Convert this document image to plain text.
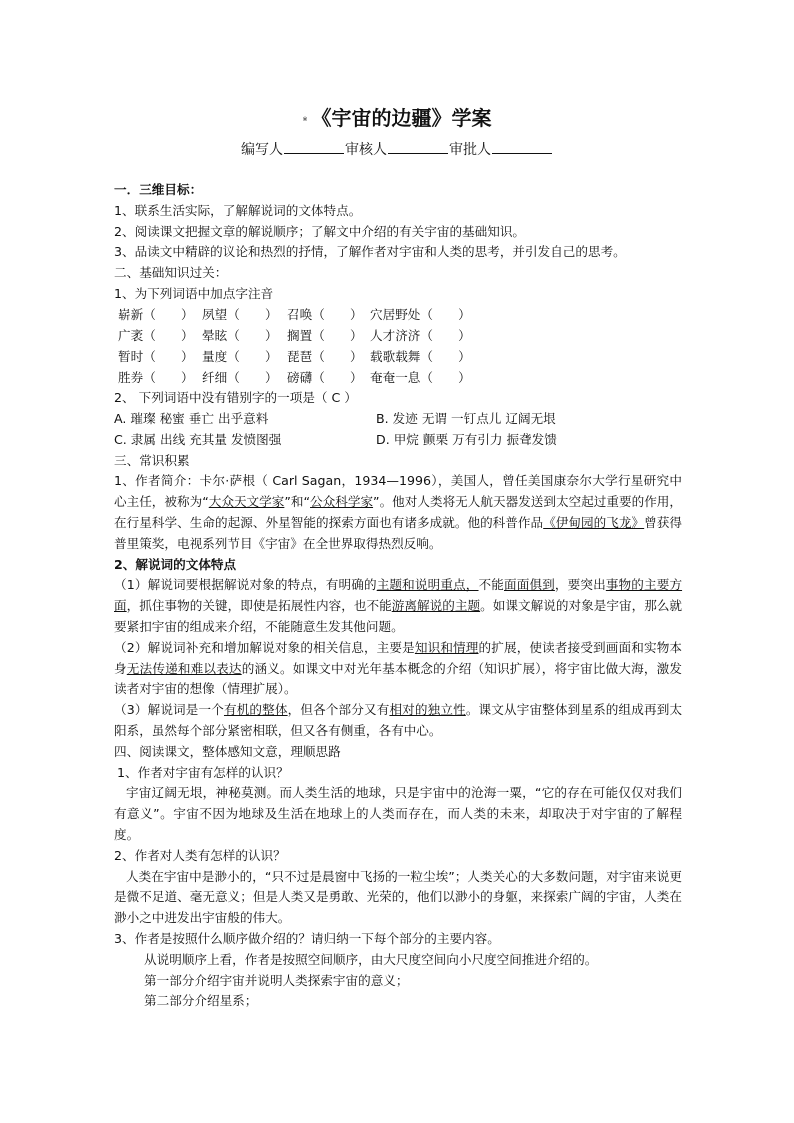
※ 《宇宙的边疆》学案
编写人	审核人	审批人

一．三维目标：

1、联系生活实际，了解解说词的文体特点。

2、阅读课文把握文章的解说顺序；了解文中介绍的有关宇宙的基础知识。

3、品读文中精辟的议论和热烈的抒情，了解作者对宇宙和人类的思考，并引发自己的思考。

二、基础知识过关：

1、为下列词语中加点字注音

崭新（　　） 夙望（　　） 召唤（　　） 穴居野处（　　）
广袤（　　） 晕眩（　　） 搁置（　　） 人才济济（　　）
暂时（　　） 量度（　　） 琵琶（　　） 载歌载舞（　　）
胜券（　　） 纤细（　　） 磅礴（　　） 奄奄一息（　　）

2、 下列词语中没有错别字的一项是（ C ）

A. 璀璨 秘蜜 垂亡 出乎意料	B. 发迹 无谓 一钉点儿 辽阔无垠
C. 隶属 出线 充其量 发愤图强	D. 甲烷 颤栗 万有引力 振聋发馈

三、常识积累

1、作者简介：卡尔·萨根（ Carl Sagan，1934—1996），美国人，曾任美国康奈尔大学行星研究中心主任，被称为“大众天文学家”和“公众科学家”。他对人类将无人航天器发送到太空起过重要的作用，在行星科学、生命的起源、外星智能的探索方面也有诸多成就。他的科普作品《伊甸园的飞龙》曾获得普里策奖，电视系列节目《宇宙》在全世界取得热烈反响。

2、解说词的文体特点

（1）解说词要根据解说对象的特点，有明确的主题和说明重点，不能面面俱到，要突出事物的主要方面，抓住事物的关键，即使是拓展性内容，也不能游离解说的主题。如课文解说的对象是宇宙，那么就要紧扣宇宙的组成来介绍，不能随意生发其他问题。

（2）解说词补充和增加解说对象的相关信息，主要是知识和情理的扩展，使读者接受到画面和实物本身无法传递和难以表达的涵义。如课文中对光年基本概念的介绍（知识扩展），将宇宙比做大海，激发读者对宇宙的想像（情理扩展）。

（3）解说词是一个有机的整体，但各个部分又有相对的独立性。课文从宇宙整体到星系的组成再到太阳系，虽然每个部分紧密相联，但又各有侧重，各有中心。

四、阅读课文，整体感知文意，理顺思路

1、作者对宇宙有怎样的认识？

宇宙辽阔无垠，神秘莫测。而人类生活的地球，只是宇宙中的沧海一粟，“它的存在可能仅仅对我们有意义”。宇宙不因为地球及生活在地球上的人类而存在，而人类的未来，却取决于对宇宙的了解程度。

2、作者对人类有怎样的认识？

人类在宇宙中是渺小的，“只不过是晨窗中飞扬的一粒尘埃”；人类关心的大多数问题，对宇宙来说更是微不足道、毫无意义；但是人类又是勇敢、光荣的，他们以渺小的身躯，来探索广阔的宇宙，人类在渺小之中进发出宇宙般的伟大。

3、作者是按照什么顺序做介绍的？请归纳一下每个部分的主要内容。

从说明顺序上看，作者是按照空间顺序，由大尺度空间向小尺度空间推进介绍的。

第一部分介绍宇宙并说明人类探索宇宙的意义；

第二部分介绍星系；
